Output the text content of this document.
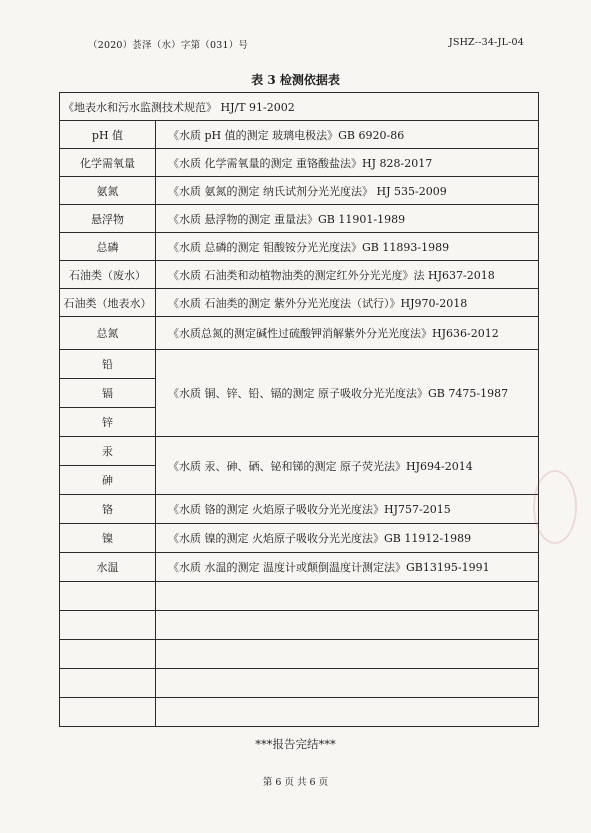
（2020）荟泽（水）字第（031）号	JSHZ--34-JL-04
表 3 检测依据表
《地表水和污水监测技术规范》 HJ/T 91-2002	
pH 值	《水质 pH 值的测定 玻璃电极法》GB 6920-86
化学需氧量	《水质 化学需氧量的测定 重铬酸盐法》HJ 828-2017
氨氮	《水质 氨氮的测定 纳氏试剂分光光度法》 HJ 535-2009
悬浮物	《水质 悬浮物的测定 重量法》GB 11901-1989
总磷	《水质 总磷的测定 钼酸铵分光光度法》GB 11893-1989
石油类（废水）	《水质 石油类和动植物油类的测定红外分光光度》法 HJ637-2018
石油类（地表水）	《水质 石油类的测定 紫外分光光度法（试行）》HJ970-2018
总氮	《水质总氮的测定碱性过硫酸钾消解紫外分光光度法》HJ636-2012
铅	《水质 铜、锌、铅、镉的测定 原子吸收分光光度法》GB 7475-1987
镉	
锌	
汞	《水质 汞、砷、硒、铋和锑的测定 原子荧光法》HJ694-2014
砷	
铬	《水质 铬的测定 火焰原子吸收分光光度法》HJ757-2015
镍	《水质 镍的测定 火焰原子吸收分光光度法》GB 11912-1989
水温	《水质 水温的测定 温度计或颠倒温度计测定法》GB13195-1991

***报告完结***
第 6 页 共 6 页
